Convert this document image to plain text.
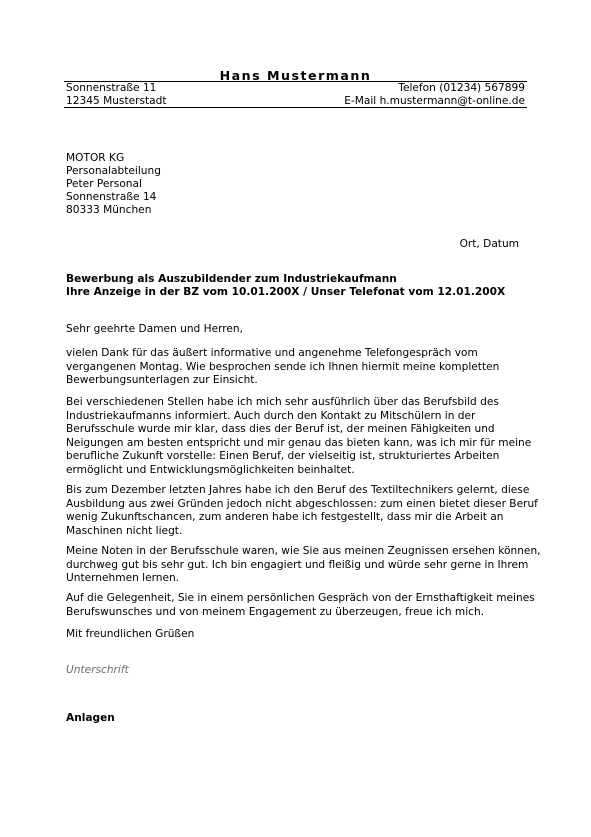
Hans Mustermann
Sonnenstraße 11
12345 Musterstadt
Telefon (01234) 567899
E-Mail h.mustermann@t-online.de
MOTOR KG
Personalabteilung
Peter Personal
Sonnenstraße 14
80333 München
Ort, Datum
Bewerbung als Auszubildender zum Industriekaufmann
Ihre Anzeige in der BZ vom 10.01.200X / Unser Telefonat vom 12.01.200X
Sehr geehrte Damen und Herren,
vielen Dank für das äußert informative und angenehme Telefongespräch vom
vergangenen Montag. Wie besprochen sende ich Ihnen hiermit meine kompletten
Bewerbungsunterlagen zur Einsicht.
Bei verschiedenen Stellen habe ich mich sehr ausführlich über das Berufsbild des
Industriekaufmanns informiert. Auch durch den Kontakt zu Mitschülern in der
Berufsschule wurde mir klar, dass dies der Beruf ist, der meinen Fähigkeiten und
Neigungen am besten entspricht und mir genau das bieten kann, was ich mir für meine
berufliche Zukunft vorstelle: Einen Beruf, der vielseitig ist, strukturiertes Arbeiten
ermöglicht und Entwicklungsmöglichkeiten beinhaltet.
Bis zum Dezember letzten Jahres habe ich den Beruf des Textiltechnikers gelernt, diese
Ausbildung aus zwei Gründen jedoch nicht abgeschlossen: zum einen bietet dieser Beruf
wenig Zukunftschancen, zum anderen habe ich festgestellt, dass mir die Arbeit an
Maschinen nicht liegt.
Meine Noten in der Berufsschule waren, wie Sie aus meinen Zeugnissen ersehen können,
durchweg gut bis sehr gut. Ich bin engagiert und fleißig und würde sehr gerne in Ihrem
Unternehmen lernen.
Auf die Gelegenheit, Sie in einem persönlichen Gespräch von der Ernsthaftigkeit meines
Berufswunsches und von meinem Engagement zu überzeugen, freue ich mich.
Mit freundlichen Grüßen
Unterschrift
Anlagen
